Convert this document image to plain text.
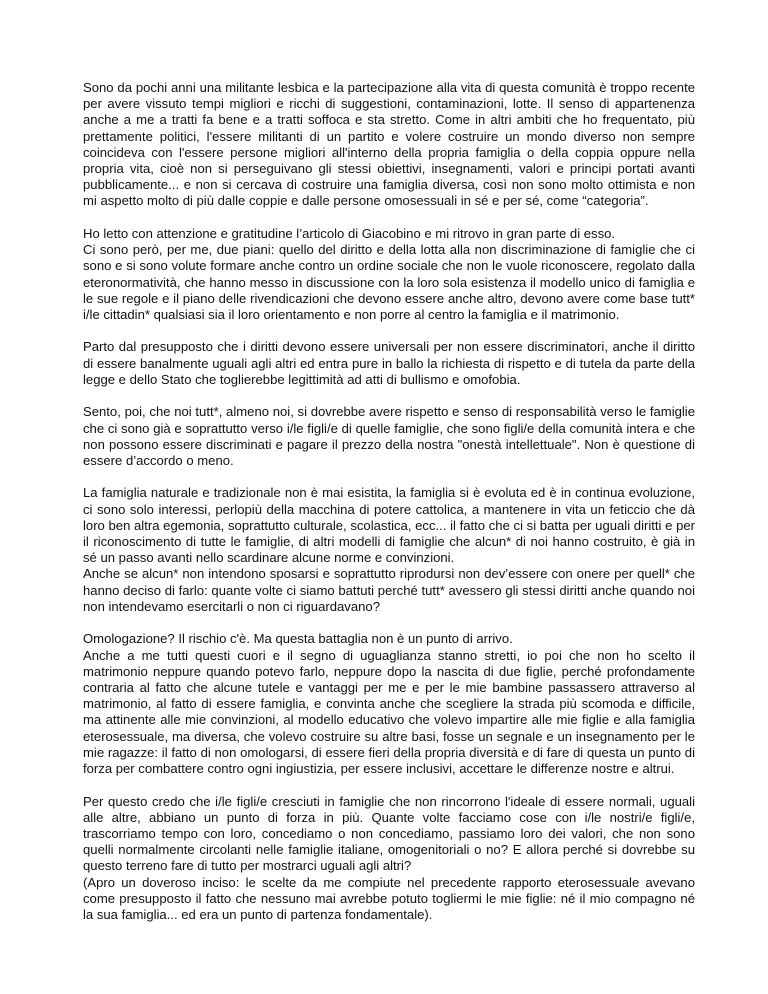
Sono da pochi anni una militante lesbica e la partecipazione alla vita di questa comunità è troppo recente per avere vissuto tempi migliori e ricchi di suggestioni, contaminazioni, lotte. Il senso di appartenenza anche a me a tratti fa bene e a tratti soffoca e sta stretto. Come in altri ambiti che ho frequentato, più prettamente politici, l'essere militanti di un partito e volere costruire un mondo diverso non sempre coincideva con l'essere persone migliori all'interno della propria famiglia o della coppia oppure nella propria vita, cioè non si perseguivano gli stessi obiettivi, insegnamenti, valori e principi portati avanti pubblicamente... e non si cercava di costruire una famiglia diversa, così non sono molto ottimista e non mi aspetto molto di più dalle coppie e dalle persone omosessuali in sé e per sé, come “categoria”.
Ho letto con attenzione e gratitudine l’articolo di Giacobino e mi ritrovo in gran parte di esso.
Ci sono però, per me, due piani: quello del diritto e della lotta alla non discriminazione di famiglie che ci sono e si sono volute formare anche contro un ordine sociale che non le vuole riconoscere, regolato dalla eteronormatività, che hanno messo in discussione con la loro sola esistenza il modello unico di famiglia e le sue regole e il piano delle rivendicazioni che devono essere anche altro, devono avere come base tutt* i/le cittadin* qualsiasi sia il loro orientamento e non porre al centro la famiglia e il matrimonio.
Parto dal presupposto che i diritti devono essere universali per non essere discriminatori, anche il diritto di essere banalmente uguali agli altri ed entra pure in ballo la richiesta di rispetto e di tutela da parte della legge e dello Stato che toglierebbe legittimità ad atti di bullismo e omofobia.
Sento, poi, che noi tutt*, almeno noi, si dovrebbe avere rispetto e senso di responsabilità verso le famiglie che ci sono già e soprattutto verso i/le figli/e di quelle famiglie, che sono figli/e della comunità intera e che non possono essere discriminati e pagare il prezzo della nostra "onestà intellettuale". Non è questione di essere d’accordo o meno.
La famiglia naturale e tradizionale non è mai esistita, la famiglia si è evoluta ed è in continua evoluzione, ci sono solo interessi, perlopiù della macchina di potere cattolica, a mantenere in vita un feticcio che dà loro ben altra egemonia, soprattutto culturale, scolastica, ecc... il fatto che ci si batta per uguali diritti e per il riconoscimento di tutte le famiglie, di altri modelli di famiglie che alcun* di noi hanno costruito, è già in sé un passo avanti nello scardinare alcune norme e convinzioni.
Anche se alcun* non intendono sposarsi e soprattutto riprodursi non dev’essere con onere per quell* che hanno deciso di farlo: quante volte ci siamo battuti perché tutt* avessero gli stessi diritti anche quando noi non intendevamo esercitarli o non ci riguardavano?
Omologazione? Il rischio c'è. Ma questa battaglia non è un punto di arrivo.
Anche a me tutti questi cuori e il segno di uguaglianza stanno stretti, io poi che non ho scelto il matrimonio neppure quando potevo farlo, neppure dopo la nascita di due figlie, perché profondamente contraria al fatto che alcune tutele e vantaggi per me e per le mie bambine passassero attraverso al matrimonio, al fatto di essere famiglia, e convinta anche che scegliere la strada più scomoda e difficile, ma attinente alle mie convinzioni, al modello educativo che volevo impartire alle mie figlie e alla famiglia eterosessuale, ma diversa, che volevo costruire su altre basi, fosse un segnale e un insegnamento per le mie ragazze: il fatto di non omologarsi, di essere fieri della propria diversità e di fare di questa un punto di forza per combattere contro ogni ingiustizia, per essere inclusivi, accettare le differenze nostre e altrui.
Per questo credo che i/le figli/e cresciuti in famiglie che non rincorrono l'ideale di essere normali, uguali alle altre, abbiano un punto di forza in più. Quante volte facciamo cose con i/le nostri/e figli/e, trascorriamo tempo con loro, concediamo o non concediamo, passiamo loro dei valori, che non sono quelli normalmente circolanti nelle famiglie italiane, omogenitoriali o no? E allora perché si dovrebbe su questo terreno fare di tutto per mostrarci uguali agli altri?
(Apro un doveroso inciso: le scelte da me compiute nel precedente rapporto eterosessuale avevano come presupposto il fatto che nessuno mai avrebbe potuto togliermi le mie figlie: né il mio compagno né la sua famiglia... ed era un punto di partenza fondamentale).
